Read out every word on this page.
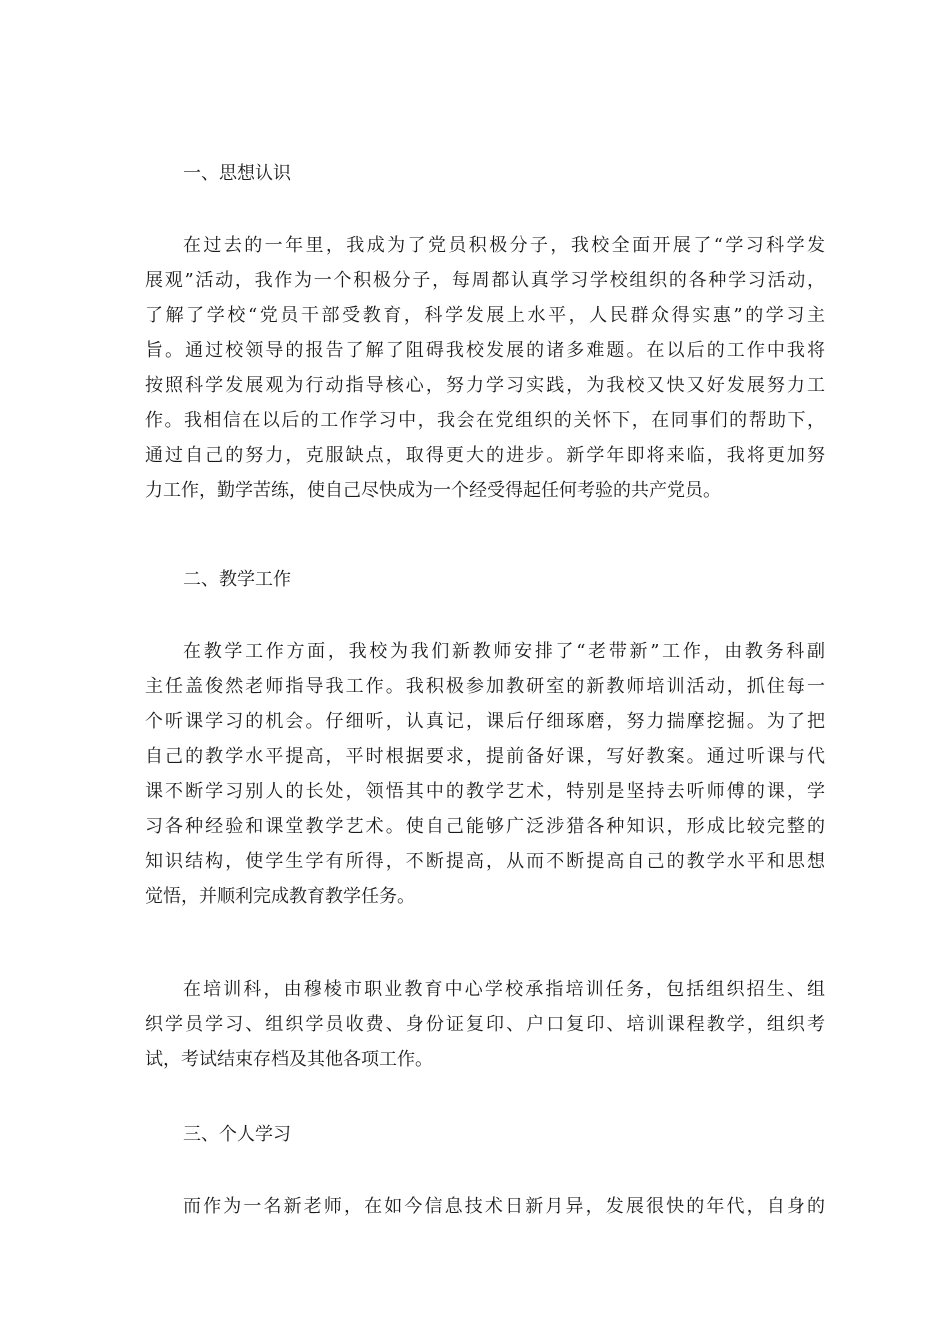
一、思想认识
在过去的一年里，我成为了党员积极分子，我校全面开展了“学习科学发
展观”活动，我作为一个积极分子，每周都认真学习学校组织的各种学习活动，
了解了学校“党员干部受教育，科学发展上水平，人民群众得实惠”的学习主
旨。通过校领导的报告了解了阻碍我校发展的诸多难题。在以后的工作中我将
按照科学发展观为行动指导核心，努力学习实践，为我校又快又好发展努力工
作。我相信在以后的工作学习中，我会在党组织的关怀下，在同事们的帮助下，
通过自己的努力，克服缺点，取得更大的进步。新学年即将来临，我将更加努
力工作，勤学苦练，使自己尽快成为一个经受得起任何考验的共产党员。
二、教学工作
在教学工作方面，我校为我们新教师安排了“老带新”工作，由教务科副
主任盖俊然老师指导我工作。我积极参加教研室的新教师培训活动，抓住每一
个听课学习的机会。仔细听，认真记，课后仔细琢磨，努力揣摩挖掘。为了把
自己的教学水平提高，平时根据要求，提前备好课，写好教案。通过听课与代
课不断学习别人的长处，领悟其中的教学艺术，特别是坚持去听师傅的课，学
习各种经验和课堂教学艺术。使自己能够广泛涉猎各种知识，形成比较完整的
知识结构，使学生学有所得，不断提高，从而不断提高自己的教学水平和思想
觉悟，并顺利完成教育教学任务。
在培训科，由穆棱市职业教育中心学校承指培训任务，包括组织招生、组
织学员学习、组织学员收费、身份证复印、户口复印、培训课程教学，组织考
试，考试结束存档及其他各项工作。
三、个人学习
而作为一名新老师，在如今信息技术日新月异，发展很快的年代，自身的
